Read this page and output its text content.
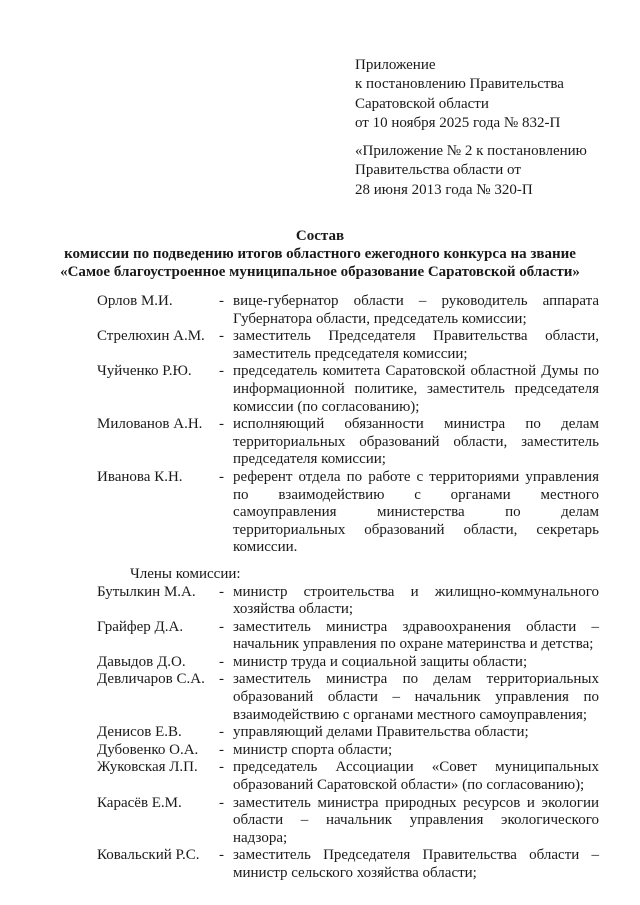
Приложение
к постановлению Правительства
Саратовской области
от 10 ноября 2025 года № 832-П
«Приложение № 2 к постановлению
Правительства области от
28 июня 2013 года № 320-П
Состав
комиссии по подведению итогов областного ежегодного конкурса на звание
«Самое благоустроенное муниципальное образование Саратовской области»
Орлов М.И.	- вице-губернатор области – руководитель аппарата Губернатора области, председатель комиссии;
Стрелюхин А.М. - заместитель Председателя Правительства области, заместитель председателя комиссии;
Чуйченко Р.Ю.	- председатель комитета Саратовской областной Думы по информационной политике, заместитель председателя комиссии (по согласованию);
Милованов А.Н.	- исполняющий обязанности министра по делам территориальных образований области, заместитель председателя комиссии;
Иванова К.Н.	- референт отдела по работе с территориями управления по взаимодействию с органами местного самоуправления министерства по делам территориальных образований области, секретарь комиссии.
Члены комиссии:
Бутылкин М.А.	- министр строительства и жилищно-коммунального хозяйства области;
Грайфер Д.А.	- заместитель министра здравоохранения области – начальник управления по охране материнства и детства;
Давыдов Д.О.	- министр труда и социальной защиты области;
Девличаров С.А. - заместитель министра по делам территориальных образований области – начальник управления по взаимодействию с органами местного самоуправления;
Денисов Е.В.	- управляющий делами Правительства области;
Дубовенко О.А.	- министр спорта области;
Жуковская Л.П.	- председатель Ассоциации «Совет муниципальных образований Саратовской области» (по согласованию);
Карасёв Е.М.	- заместитель министра природных ресурсов и экологии области – начальник управления экологического надзора;
Ковальский Р.С.	- заместитель Председателя Правительства области – министр сельского хозяйства области;
